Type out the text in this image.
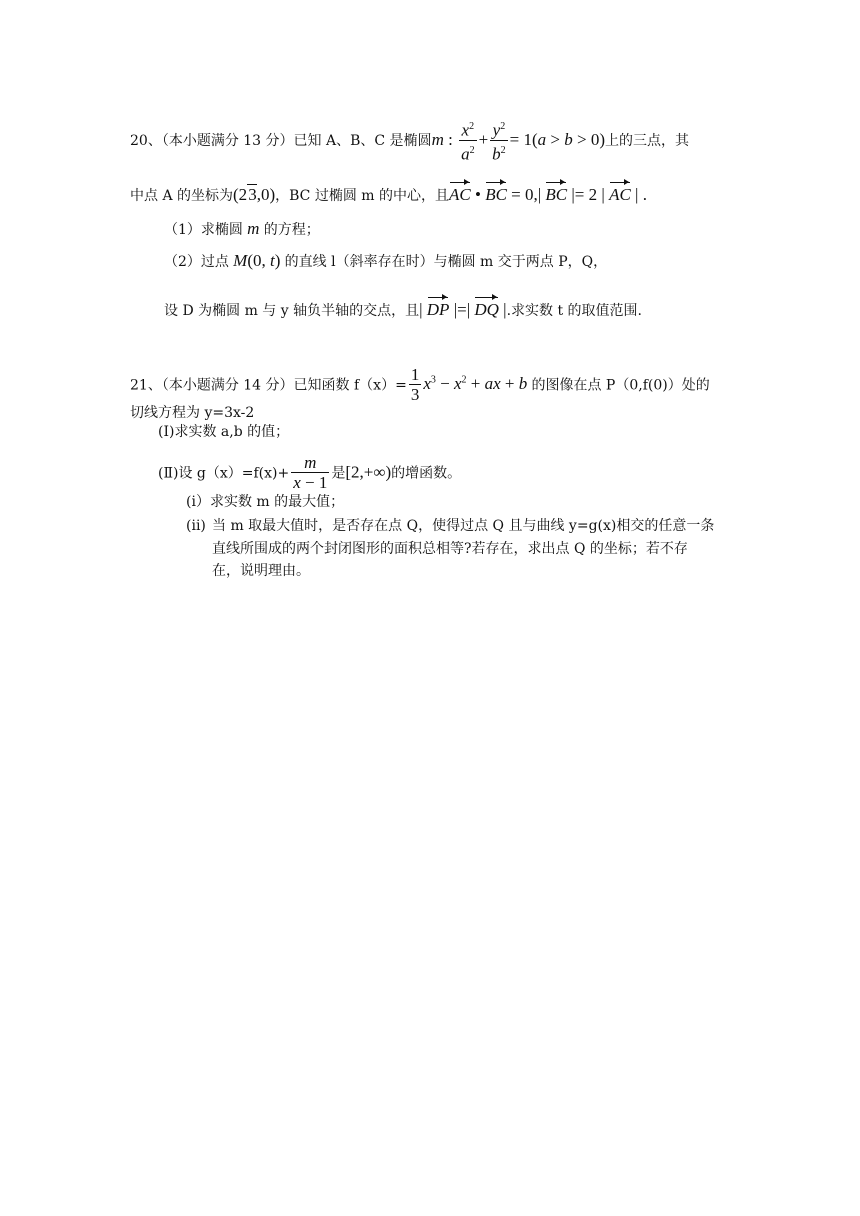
20、（本小题满分 13 分）已知 A、B、C 是椭圆m : $\frac{x^2}{a^2} + \frac{y^2}{b^2} = 1(a > b > 0)$上的三点，其
中点 A 的坐标为(23,0)，BC 过椭圆 m 的中心，且AC • BC = 0,| BC |= 2 | AC | .
（1）求椭圆 m 的方程；
（2）过点 M(0, t) 的直线 l（斜率存在时）与椭圆 m 交于两点 P，Q，
设 D 为椭圆 m 与 y 轴负半轴的交点，且| DP |=| DQ |.求实数 t 的取值范围.
21、（本小题满分 14 分）已知函数 $f(x)= \frac{1}{3} x^3 - x^2$ + ax + b 的图像在点 P（0,f(0)）处的
切线方程为 y=3x-2
(Ⅰ)求实数 a,b 的值；
(Ⅱ)设 $g(x)=f(x)+ \frac{m}{x - 1}$ 是[2,+∞)的增函数。
(i）求实数 m 的最大值；
(ii) 当 m 取最大值时，是否存在点 Q，使得过点 Q 且与曲线 y=g(x)相交的任意一条
直线所围成的两个封闭图形的面积总相等?若存在，求出点 Q 的坐标；若不存
在，说明理由。
